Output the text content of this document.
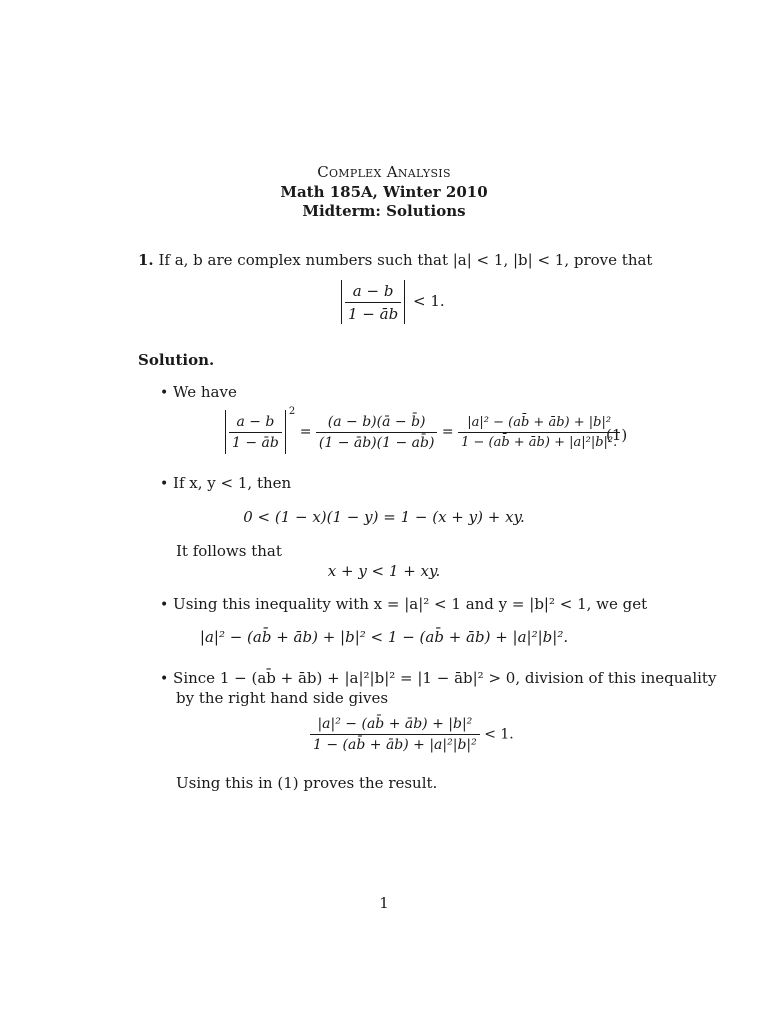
Complex Analysis
Math 185A, Winter 2010
Midterm: Solutions
1. If a, b are complex numbers such that |a| < 1, |b| < 1, prove that
$\frac{a - b}{1 - āb} < 1$.
Solution.
• We have
$\frac{a - b}{1 - āb}$
$^2 = \frac{(a - b)(ā - b̄)}{(1 - āb)(1 - ab̄)} = \frac{\text{|a|² − (ab̄ + āb) + |b|²}}{\text{1 − (ab̄ + āb) + |a|²|b|².}}$
(1)
• If x, y < 1, then
0 < (1 − x)(1 − y) = 1 − (x + y) + xy.
It follows that
x + y < 1 + xy.
• Using this inequality with x = |a|² < 1 and y = |b|² < 1, we get
|a|² − (ab̄ + āb) + |b|² < 1 − (ab̄ + āb) + |a|²|b|².
• Since 1 − (ab̄ + āb) + |a|²|b|² = |1 − āb|² > 0, division of this inequality
by the right hand side gives
$\frac{\text{|a|² − (ab̄ + āb) + |b|²}}{\text{1 − (ab̄ + āb) + |a|²|b|²}} < 1$.
Using this in (1) proves the result.
1
